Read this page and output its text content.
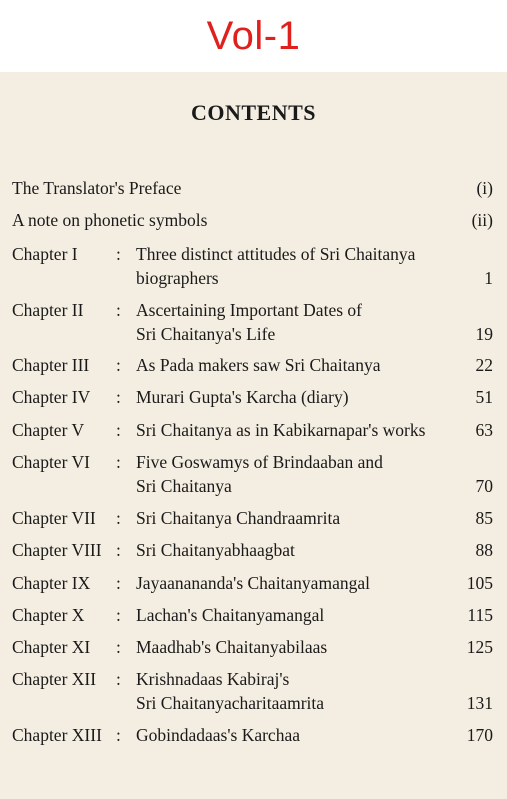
Vol-1
CONTENTS
The Translator's Preface	(i)
A note on phonetic symbols	(ii)
Chapter I : Three distinct attitudes of Sri Chaitanya
biographers	1
Chapter II : Ascertaining Important Dates of
Sri Chaitanya's Life	19
Chapter III : As Pada makers saw Sri Chaitanya	22
Chapter IV : Murari Gupta's Karcha (diary)	51
Chapter V : Sri Chaitanya as in Kabikarnapar's works	63
Chapter VI : Five Goswamys of Brindaaban and
Sri Chaitanya	70
Chapter VII : Sri Chaitanya Chandraamrita	85
Chapter VIII : Sri Chaitanyabhaagbat	88
Chapter IX : Jayaanananda's Chaitanyamangal	105
Chapter X : Lachan's Chaitanyamangal	115
Chapter XI : Maadhab's Chaitanyabilaas	125
Chapter XII : Krishnadaas Kabiraj's
Sri Chaitanyacharitaamrita	131
Chapter XIII : Gobindadaas's Karchaa	170
